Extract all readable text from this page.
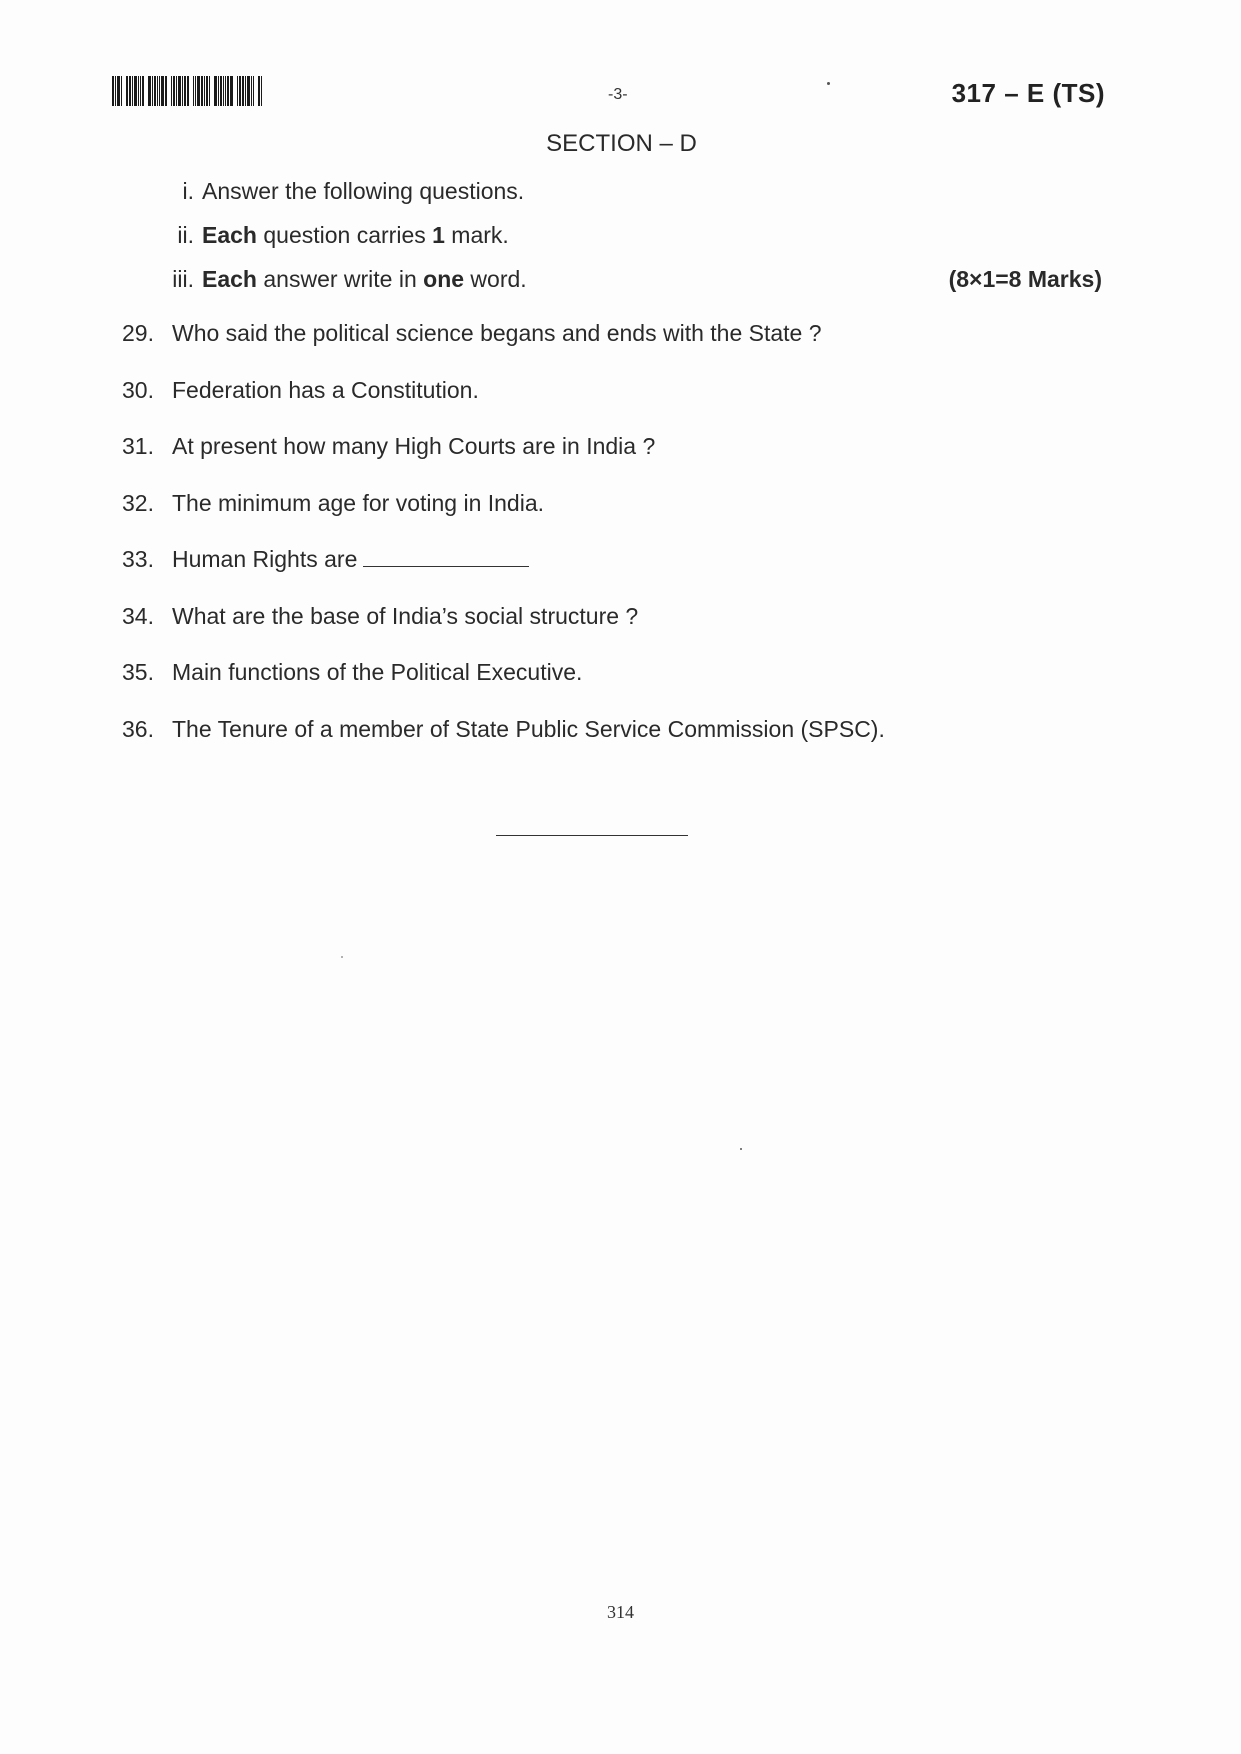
-3-	317 – E (TS)
SECTION – D
i. Answer the following questions.
ii. Each question carries 1 mark.
iii. Each answer write in one word.	(8×1=8 Marks)
29. Who said the political science begans and ends with the State ?
30. Federation has a Constitution.
31. At present how many High Courts are in India ?
32. The minimum age for voting in India.
33. Human Rights are
34. What are the base of India’s social structure ?
35. Main functions of the Political Executive.
36. The Tenure of a member of State Public Service Commission (SPSC).
314
